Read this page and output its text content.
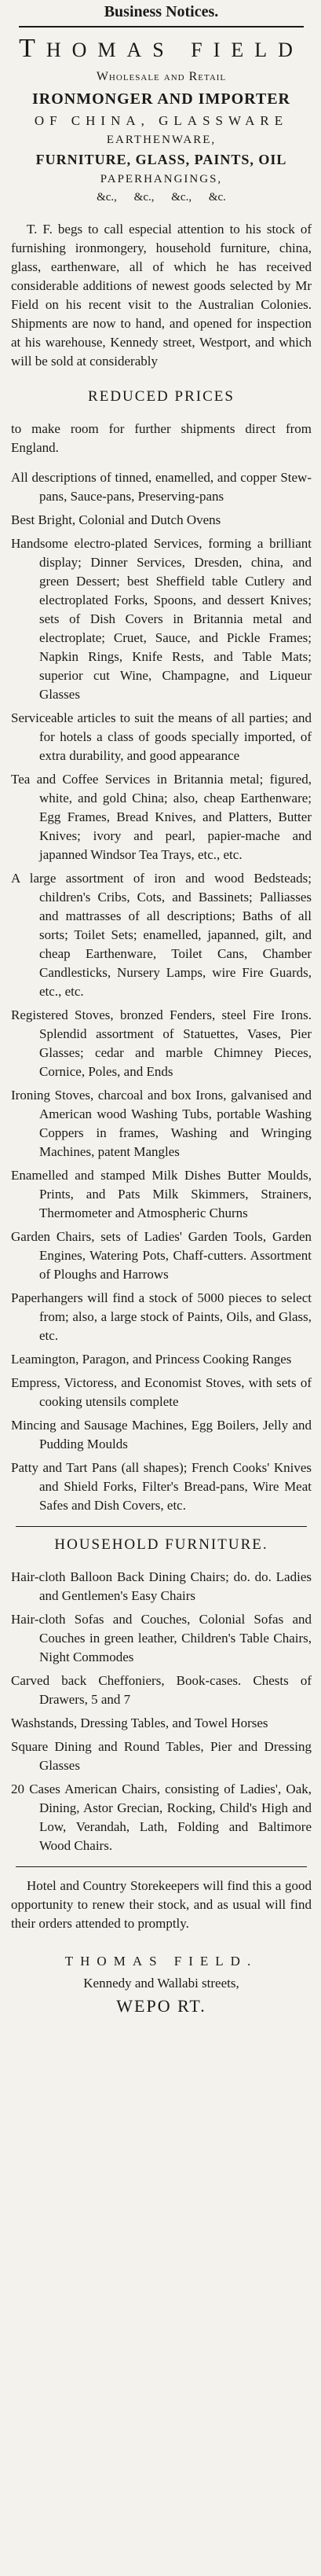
Business Notices.
THOMAS FIELD
Wholesale and Retail
IRONMONGER AND IMPORTER
OF CHINA, GLASSWARE
EARTHENWARE,
FURNITURE, GLASS, PAINTS, OIL
PAPERHANGINGS,
&c., &c., &c., &c.

T. F. begs to call especial attention to his stock of furnishing ironmongery, household furniture, china, glass, earthenware, all of which he has received considerable additions of newest goods selected by Mr Field on his recent visit to the Australian Colonies. Shipments are now to hand, and opened for inspection at his warehouse, Kennedy street, Westport, and which will be sold at considerably

REDUCED PRICES

to make room for further shipments direct from England.

All descriptions of tinned, enamelled, and copper Stew-pans, Sauce-pans, Preserving-pans
Best Bright, Colonial and Dutch Ovens
Handsome electro-plated Services, forming a brilliant display; Dinner Services, Dresden, china, and green Dessert; best Sheffield table Cutlery and electroplated Forks, Spoons, and dessert Knives; sets of Dish Covers in Britannia metal and electroplate; Cruet, Sauce, and Pickle Frames; Napkin Rings, Knife Rests, and Table Mats; superior cut Wine, Champagne, and Liqueur Glasses
Serviceable articles to suit the means of all parties; and for hotels a class of goods specially imported, of extra durability, and good appearance
Tea and Coffee Services in Britannia metal; figured, white, and gold China; also, cheap Earthenware; Egg Frames, Bread Knives, and Platters, Butter Knives; ivory and pearl, papier-mache and japanned Windsor Tea Trays, etc., etc.
A large assortment of iron and wood Bedsteads; children's Cribs, Cots, and Bassinets; Palliasses and mattrasses of all descriptions; Baths of all sorts; Toilet Sets; enamelled, japanned, gilt, and cheap Earthenware, Toilet Cans, Chamber Candlesticks, Nursery Lamps, wire Fire Guards, etc., etc.
Registered Stoves, bronzed Fenders, steel Fire Irons. Splendid assortment of Statuettes, Vases, Pier Glasses; cedar and marble Chimney Pieces, Cornice, Poles, and Ends
Ironing Stoves, charcoal and box Irons, galvanised and American wood Washing Tubs, portable Washing Coppers in frames, Washing and Wringing Machines, patent Mangles
Enamelled and stamped Milk Dishes Butter Moulds, Prints, and Pats Milk Skimmers, Strainers, Thermometer and Atmospheric Churns
Garden Chairs, sets of Ladies' Garden Tools, Garden Engines, Watering Pots, Chaff-cutters. Assortment of Ploughs and Harrows
Paperhangers will find a stock of 5000 pieces to select from; also, a large stock of Paints, Oils, and Glass, etc.
Leamington, Paragon, and Princess Cooking Ranges
Empress, Victoress, and Economist Stoves, with sets of cooking utensils complete
Mincing and Sausage Machines, Egg Boilers, Jelly and Pudding Moulds
Patty and Tart Pans (all shapes); French Cooks' Knives and Shield Forks, Filter's Bread-pans, Wire Meat Safes and Dish Covers, etc.
HOUSEHOLD FURNITURE.
Hair-cloth Balloon Back Dining Chairs; do. do. Ladies and Gentlemen's Easy Chairs
Hair-cloth Sofas and Couches, Colonial Sofas and Couches in green leather, Children's Table Chairs, Night Commodes
Carved back Cheffoniers, Book-cases. Chests of Drawers, 5 and 7
Washstands, Dressing Tables, and Towel Horses
Square Dining and Round Tables, Pier and Dressing Glasses
20 Cases American Chairs, consisting of Ladies', Oak, Dining, Astor Grecian, Rocking, Child's High and Low, Verandah, Lath, Folding and Baltimore Wood Chairs.

Hotel and Country Storekeepers will find this a good opportunity to renew their stock, and as usual will find their orders attended to promptly.

THOMAS FIELD.
Kennedy and Wallabi streets,
WEPO RT.
